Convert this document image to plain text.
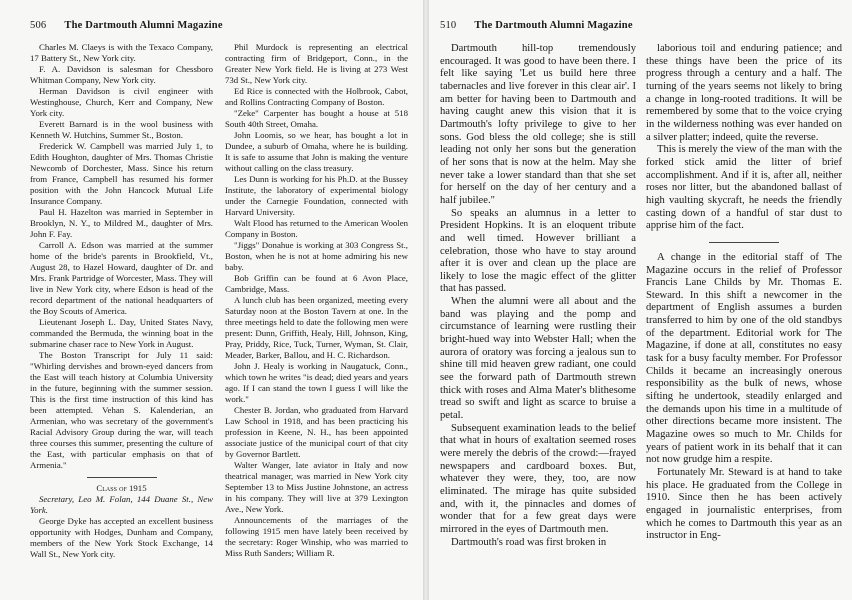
506 The Dartmouth Alumni Magazine

Charles M. Claeys is with the Texaco Company, 17 Battery St., New York city.

F. A. Davidson is salesman for Chessboro Whitman Company, New York city.

Herman Davidson is civil engineer with Westinghouse, Church, Kerr and Company, New York city.

Everett Barnard is in the wool business with Kenneth W. Hutchins, Summer St., Boston.

Frederick W. Campbell was married July 1, to Edith Houghton, daughter of Mrs. Thomas Christie Newcomb of Dorchester, Mass. Since his return from France, Campbell has resumed his former position with the John Hancock Mutual Life Insurance Company.

Paul H. Hazelton was married in September in Brooklyn, N. Y., to Mildred M., daughter of Mrs. John F. Fay.

Carroll A. Edson was married at the summer home of the bride's parents in Brookfield, Vt., August 28, to Hazel Howard, daughter of Dr. and Mrs. Frank Partridge of Worcester, Mass. They will live in New York city, where Edson is head of the record department of the national headquarters of the Boy Scouts of America.

Lieutenant Joseph L. Day, United States Navy, commanded the Bermuda, the winning boat in the submarine chaser race to New York in August.

The Boston Transcript for July 11 said: "Whirling dervishes and brown-eyed dancers from the East will teach history at Columbia University in the future, beginning with the summer session. This is the first time instruction of this kind has been attempted. Vehan S. Kalenderian, an Armenian, who was secretary of the government's Racial Advisory Group during the war, will teach three courses this summer, presenting the culture of the East, with particular emphasis on that of Armenia."

Class of 1915

Secretary, Leo M. Folan, 144 Duane St., New York.

George Dyke has accepted an excellent business opportunity with Hodges, Dunham and Company, members of the New York Stock Exchange, 14 Wall St., New York city.

Phil Murdock is representing an electrical contracting firm of Bridgeport, Conn., in the Greater New York field. He is living at 273 West 73d St., New York city.

Ed Rice is connected with the Holbrook, Cabot, and Rollins Contracting Company of Boston.

"Zeke" Carpenter has bought a house at 518 South 40th Street, Omaha.

John Loomis, so we hear, has bought a lot in Dundee, a suburb of Omaha, where he is building. It is safe to assume that John is making the venture without calling on the class treasury.

Les Dunn is working for his Ph.D. at the Bussey Institute, the laboratory of experimental biology under the Carnegie Foundation, connected with Harvard University.

Walt Flood has returned to the American Woolen Company in Boston.

"Jiggs" Donahue is working at 303 Congress St., Boston, when he is not at home admiring his new baby.

Bob Griffin can be found at 6 Avon Place, Cambridge, Mass.

A lunch club has been organized, meeting every Saturday noon at the Boston Tavern at one. In the three meetings held to date the following men were present: Dunn, Griffith, Healy, Hill, Johnson, King, Pray, Priddy, Rice, Tuck, Turner, Wyman, St. Clair, Meader, Barker, Ballou, and H. C. Richardson.

John J. Healy is working in Naugatuck, Conn., which town he writes "is dead; died years and years ago. If I can stand the town I guess I will like the work."

Chester B. Jordan, who graduated from Harvard Law School in 1918, and has been practicing his profession in Keene, N. H., has been appointed associate justice of the municipal court of that city by Governor Bartlett.

Walter Wanger, late aviator in Italy and now theatrical manager, was married in New York city September 13 to Miss Justine Johnstone, an actress in his company. They will live at 379 Lexington Ave., New York.

Announcements of the marriages of the following 1915 men have lately been received by the secretary: Roger Winship, who was married to Miss Ruth Sanders; William R.

510 The Dartmouth Alumni Magazine

Dartmouth hill-top tremendously encouraged. It was good to have been there. I felt like saying 'Let us build here three tabernacles and live forever in this clear air'. I am better for having been to Dartmouth and having caught anew this vision that it is Dartmouth's lofty privilege to give to her sons. God bless the old college; she is still leading not only her sons but the generation of her sons that is now at the helm. May she never take a lower standard than that she set for herself on the day of her century and a half jubilee."

So speaks an alumnus in a letter to President Hopkins. It is an eloquent tribute and well timed. However brilliant a celebration, those who have to stay around after it is over and clean up the place are likely to lose the magic effect of the glitter that has passed.

When the alumni were all about and the band was playing and the pomp and circumstance of learning were rustling their bright-hued way into Webster Hall; when the aurora of oratory was forcing a jealous sun to shine till mid heaven grew radiant, one could see the forward path of Dartmouth strewn thick with roses and Alma Mater's blithesome tread so swift and light as scarce to bruise a petal.

Subsequent examination leads to the belief that what in hours of exaltation seemed roses were merely the debris of the crowd:—frayed newspapers and cardboard boxes. But, whatever they were, they, too, are now eliminated. The mirage has quite subsided and, with it, the pinnacles and domes of wonder that for a few great days were mirrored in the eyes of Dartmouth men.

Dartmouth's road was first broken in

laborious toil and enduring patience; and these things have been the price of its progress through a century and a half. The turning of the years seems not likely to bring a change in long-rooted traditions. It will be remembered by some that to the voice crying in the wilderness nothing was ever handed on a silver platter; indeed, quite the reverse.

This is merely the view of the man with the forked stick amid the litter of brief accomplishment. And if it is, after all, neither roses nor litter, but the abandoned ballast of high vaulting skycraft, he needs the friendly casting down of a handful of star dust to apprise him of the fact.

A change in the editorial staff of The Magazine occurs in the relief of Professor Francis Lane Childs by Mr. Thomas E. Steward. In this shift a newcomer in the department of English assumes a burden transferred to him by one of the old standbys of the department. Editorial work for The Magazine, if done at all, constitutes no easy task for a busy faculty member. For Professor Childs it became an increasingly onerous responsibility as the bulk of news, whose sifting he undertook, steadily enlarged and the demands upon his time in a multitude of other directions became more insistent. The Magazine owes so much to Mr. Childs for years of patient work in its behalf that it can not now grudge him a respite.

Fortunately Mr. Steward is at hand to take his place. He graduated from the College in 1910. Since then he has been actively engaged in journalistic enterprises, from which he comes to Dartmouth this year as an instructor in Eng-
